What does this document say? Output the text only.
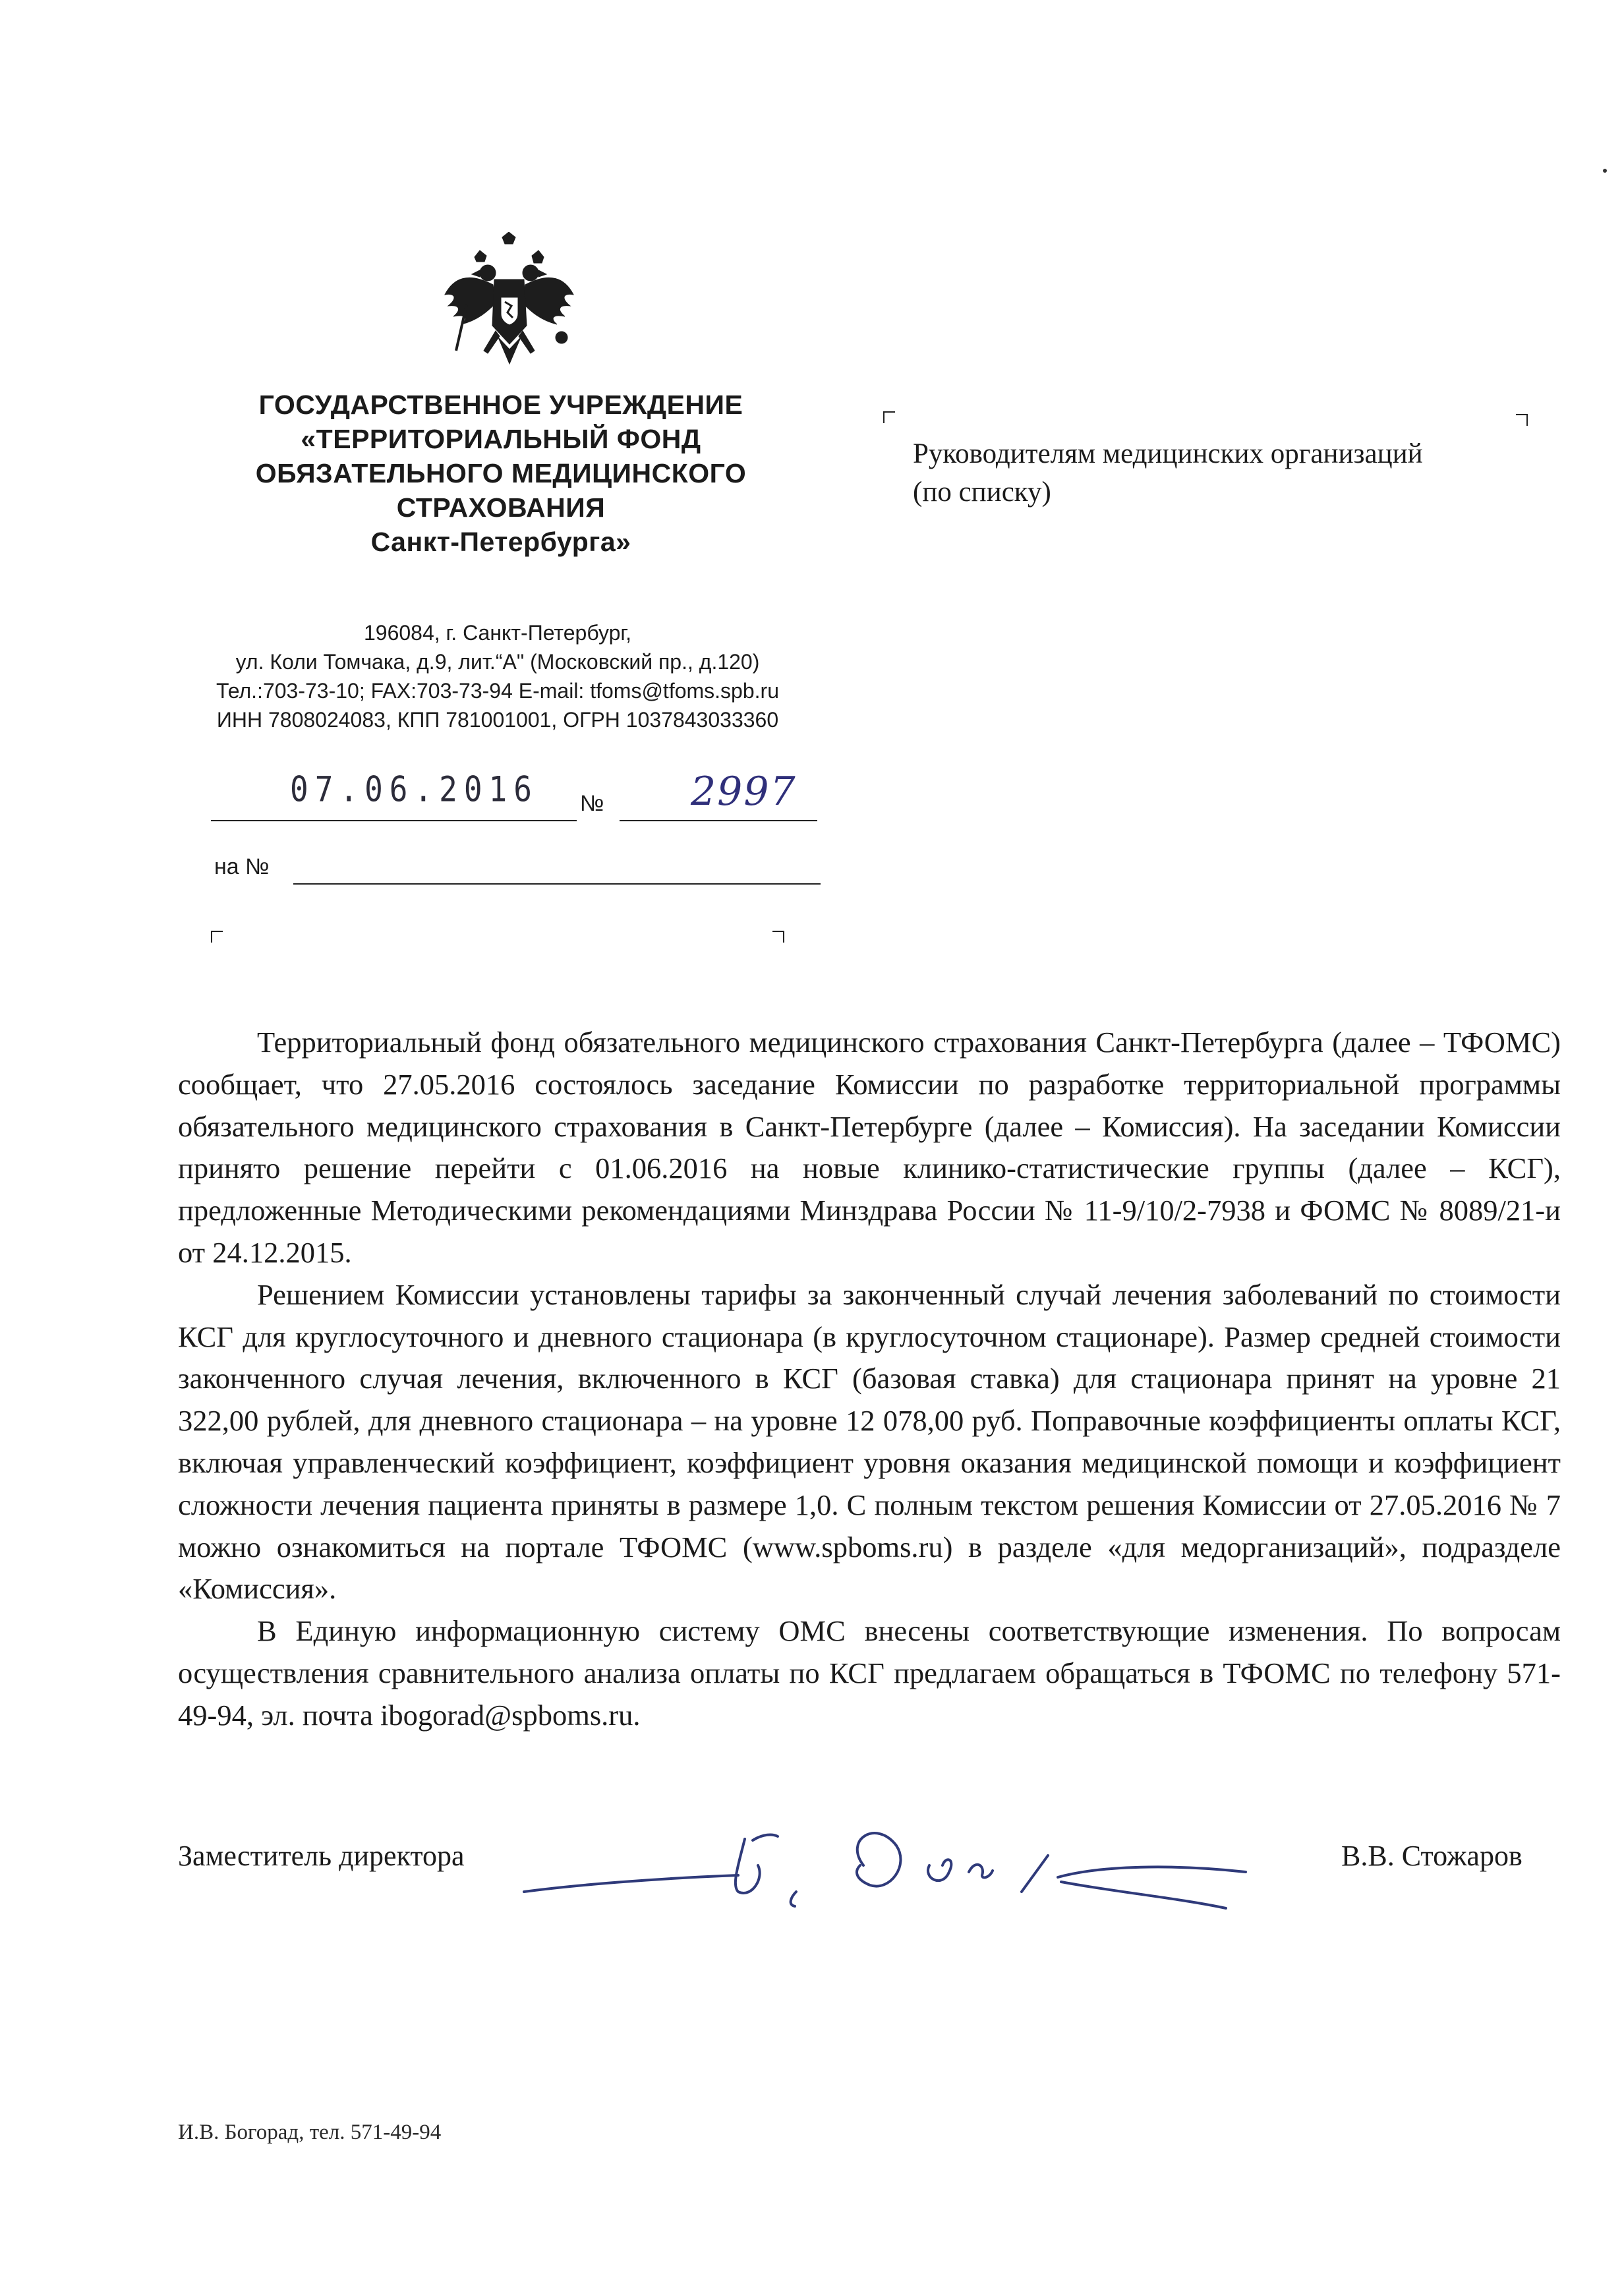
ГОСУДАРСТВЕННОЕ УЧРЕЖДЕНИЕ
«ТЕРРИТОРИАЛЬНЫЙ ФОНД
ОБЯЗАТЕЛЬНОГО МЕДИЦИНСКОГО
СТРАХОВАНИЯ
Санкт-Петербурга»
196084, г. Санкт-Петербург,
ул. Коли Томчака, д.9, лит.“А" (Московский пр., д.120)
Тел.:703-73-10; FAX:703-73-94 E-mail: tfoms@tfoms.spb.ru
ИНН 7808024083, КПП 781001001, ОГРН 1037843033360
07.06.2016 № 2997
на №
Руководителям медицинских организаций
(по списку)

Территориальный фонд обязательного медицинского страхования Санкт-Петербурга (далее – ТФОМС) сообщает, что 27.05.2016 состоялось заседание Комиссии по разработке территориальной программы обязательного медицинского страхования в Санкт-Петербурге (далее – Комиссия). На заседании Комиссии принято решение перейти с 01.06.2016 на новые клинико-статистические группы (далее – КСГ), предложенные Методическими рекомендациями Минздрава России № 11-9/10/2-7938 и ФОМС № 8089/21-и от 24.12.2015.

Решением Комиссии установлены тарифы за законченный случай лечения заболеваний по стоимости КСГ для круглосуточного и дневного стационара (в круглосуточном стационаре). Размер средней стоимости законченного случая лечения, включенного в КСГ (базовая ставка) для стационара принят на уровне 21 322,00 рублей, для дневного стационара – на уровне 12 078,00 руб. Поправочные коэффициенты оплаты КСГ, включая управленческий коэффициент, коэффициент уровня оказания медицинской помощи и коэффициент сложности лечения пациента приняты в размере 1,0. С полным текстом решения Комиссии от 27.05.2016 № 7 можно ознакомиться на портале ТФОМС (www.spboms.ru) в разделе «для медорганизаций», подразделе «Комиссия».

В Единую информационную систему ОМС внесены соответствующие изменения. По вопросам осуществления сравнительного анализа оплаты по КСГ предлагаем обращаться в ТФОМС по телефону 571-49-94, эл. почта ibogorad@spboms.ru.

Заместитель директора	В.В. Стожаров
И.В. Богорад, тел. 571-49-94
